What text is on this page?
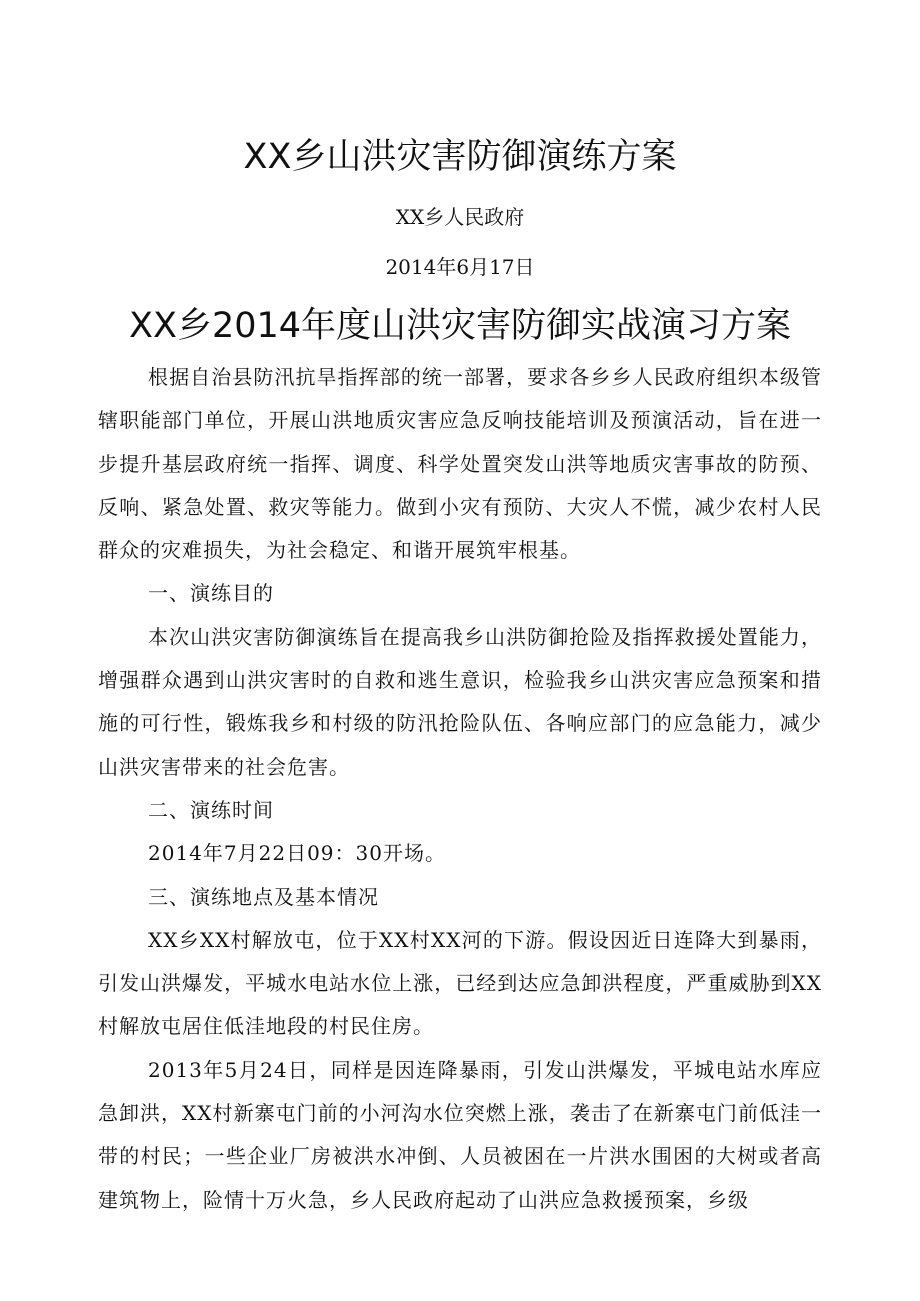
XX乡山洪灾害防御演练方案
XX乡人民政府
2014年6月17日
XX乡2014年度山洪灾害防御实战演习方案

根据自治县防汛抗旱指挥部的统一部署，要求各乡乡人民政府组织本级管辖职能部门单位，开展山洪地质灾害应急反响技能培训及预演活动，旨在进一步提升基层政府统一指挥、调度、科学处置突发山洪等地质灾害事故的防预、反响、紧急处置、救灾等能力。做到小灾有预防、大灾人不慌，减少农村人民群众的灾难损失，为社会稳定、和谐开展筑牢根基。

一、演练目的

本次山洪灾害防御演练旨在提高我乡山洪防御抢险及指挥救援处置能力，增强群众遇到山洪灾害时的自救和逃生意识，检验我乡山洪灾害应急预案和措施的可行性，锻炼我乡和村级的防汛抢险队伍、各响应部门的应急能力，减少山洪灾害带来的社会危害。

二、演练时间

2014年7月22日09：30开场。

三、演练地点及基本情况

XX乡XX村解放屯，位于XX村XX河的下游。假设因近日连降大到暴雨，引发山洪爆发，平城水电站水位上涨，已经到达应急卸洪程度，严重威胁到XX村解放屯居住低洼地段的村民住房。

2013年5月24日，同样是因连降暴雨，引发山洪爆发，平城电站水库应急卸洪，XX村新寨屯门前的小河沟水位突燃上涨，袭击了在新寨屯门前低洼一带的村民；一些企业厂房被洪水冲倒、人员被困在一片洪水围困的大树或者高建筑物上，险情十万火急，乡人民政府起动了山洪应急救援预案，乡级
